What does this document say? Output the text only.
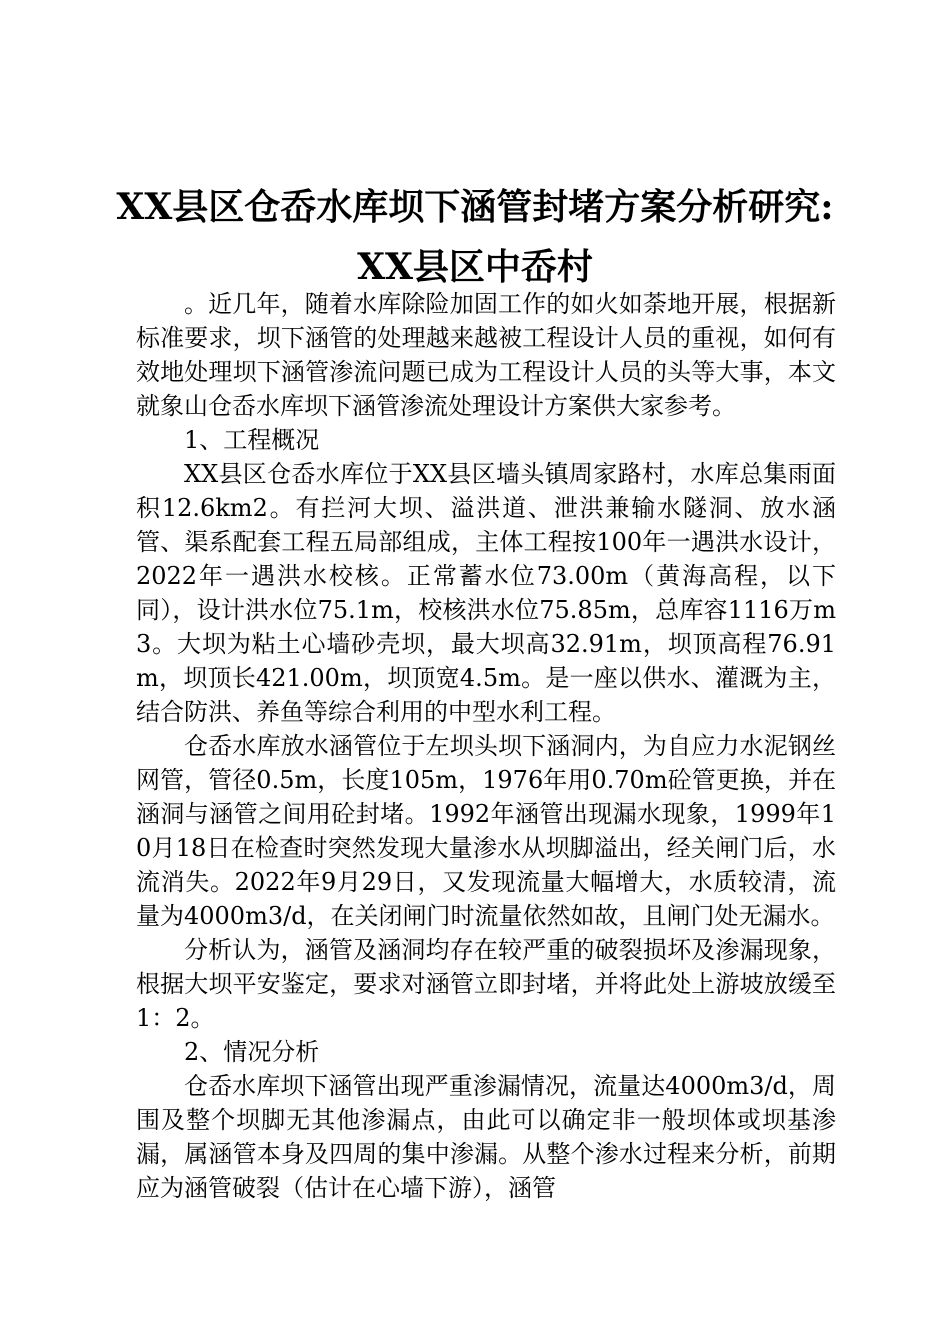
XX县区仓岙水库坝下涵管封堵方案分析研究:
XX县区中岙村

。近几年，随着水库除险加固工作的如火如荼地开展，根据新标准要求，坝下涵管的处理越来越被工程设计人员的重视，如何有效地处理坝下涵管渗流问题已成为工程设计人员的头等大事，本文就象山仓岙水库坝下涵管渗流处理设计方案供大家参考。

1、工程概况

XX县区仓岙水库位于XX县区墙头镇周家路村，水库总集雨面积12.6km2。有拦河大坝、溢洪道、泄洪兼输水隧洞、放水涵管、渠系配套工程五局部组成，主体工程按100年一遇洪水设计，2022年一遇洪水校核。正常蓄水位73.00m（黄海高程，以下同），设计洪水位75.1m，校核洪水位75.85m，总库容1116万m3。大坝为粘土心墙砂壳坝，最大坝高32.91m，坝顶高程76.91m，坝顶长421.00m，坝顶宽4.5m。是一座以供水、灌溉为主，结合防洪、养鱼等综合利用的中型水利工程。

仓岙水库放水涵管位于左坝头坝下涵洞内，为自应力水泥钢丝网管，管径0.5m，长度105m，1976年用0.70m砼管更换，并在涵洞与涵管之间用砼封堵。1992年涵管出现漏水现象，1999年10月18日在检查时突然发现大量渗水从坝脚溢出，经关闸门后，水流消失。2022年9月29日，又发现流量大幅增大，水质较清，流量为4000m3/d，在关闭闸门时流量依然如故，且闸门处无漏水。

分析认为，涵管及涵洞均存在较严重的破裂损坏及渗漏现象，根据大坝平安鉴定，要求对涵管立即封堵，并将此处上游坡放缓至1：2。

2、情况分析

仓岙水库坝下涵管出现严重渗漏情况，流量达4000m3/d，周围及整个坝脚无其他渗漏点，由此可以确定非一般坝体或坝基渗漏，属涵管本身及四周的集中渗漏。从整个渗水过程来分析，前期应为涵管破裂（估计在心墙下游），涵管
